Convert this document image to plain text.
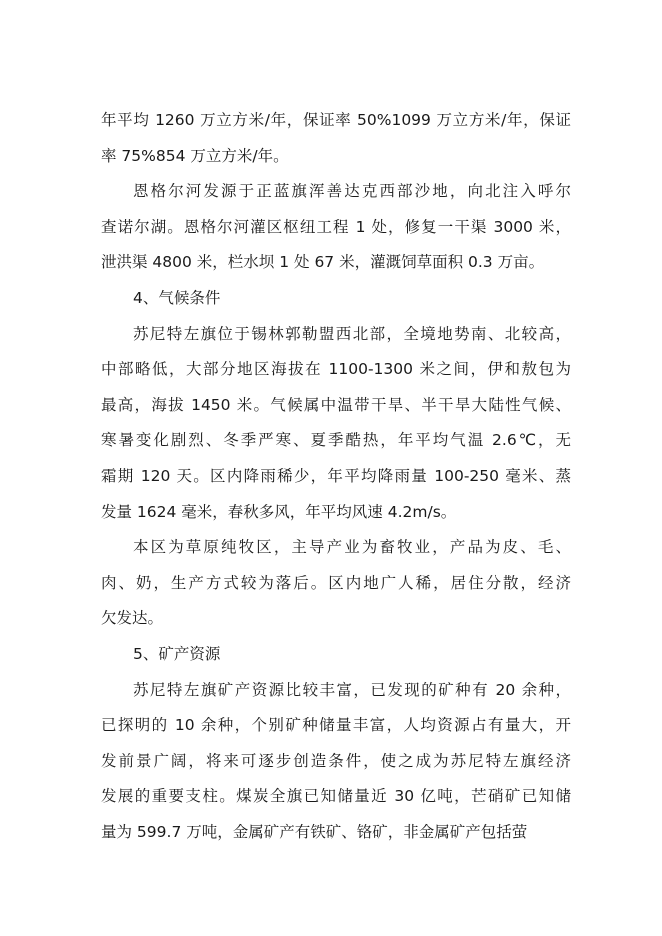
年平均 1260 万立方米/年，保证率 50%1099 万立方米/年，保证
率 75%854 万立方米/年。
恩格尔河发源于正蓝旗浑善达克西部沙地，向北注入呼尔
查诺尔湖。恩格尔河灌区枢纽工程 1 处，修复一干渠 3000 米，
泄洪渠 4800 米，栏水坝 1 处 67 米，灌溉饲草面积 0.3 万亩。
4、气候条件
苏尼特左旗位于锡林郭勒盟西北部，全境地势南、北较高，
中部略低，大部分地区海拔在 1100-1300 米之间，伊和敖包为
最高，海拔 1450 米。气候属中温带干旱、半干旱大陆性气候、
寒暑变化剧烈、冬季严寒、夏季酷热，年平均气温 2.6℃，无
霜期 120 天。区内降雨稀少，年平均降雨量 100-250 毫米、蒸
发量 1624 毫米，春秋多风，年平均风速 4.2m/s。
本区为草原纯牧区，主导产业为畜牧业，产品为皮、毛、
肉、奶，生产方式较为落后。区内地广人稀，居住分散，经济
欠发达。
5、矿产资源
苏尼特左旗矿产资源比较丰富，已发现的矿种有 20 余种，
已探明的 10 余种，个别矿种储量丰富，人均资源占有量大，开
发前景广阔，将来可逐步创造条件，使之成为苏尼特左旗经济
发展的重要支柱。煤炭全旗已知储量近 30 亿吨，芒硝矿已知储
量为 599.7 万吨，金属矿产有铁矿、铬矿，非金属矿产包括萤
